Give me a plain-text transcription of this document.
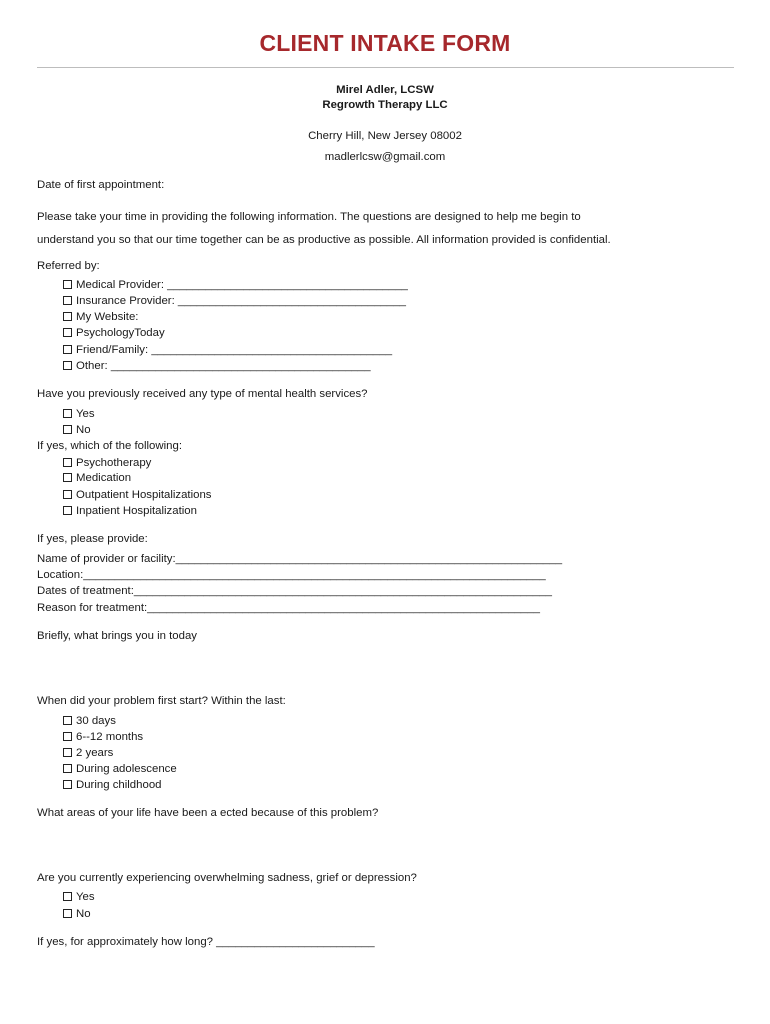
CLIENT INTAKE FORM
Mirel Adler, LCSW
Regrowth Therapy LLC
Cherry Hill, New Jersey 08002
madlerlcsw@gmail.com
Date of first appointment:
Please take your time in providing the following information. The questions are designed to help me begin to
understand you so that our time together can be as productive as possible. All information provided is confidential.
Referred by:
Medical Provider: ______________________________________
Insurance Provider: ____________________________________
My Website:
PsychologyToday
Friend/Family: ______________________________________
Other: _________________________________________
Have you previously received any type of mental health services?
Yes
No
If yes, which of the following:
Psychotherapy
Medication
Outpatient Hospitalizations
Inpatient Hospitalization
If yes, please provide:
Name of provider or facility:_____________________________________________________________
Location:_________________________________________________________________________
Dates of treatment:__________________________________________________________________
Reason for treatment:______________________________________________________________
Briefly, what brings you in today
When did your problem first start? Within the last:
30 days
6--12 months
2 years
During adolescence
During childhood
What areas of your life have been a ected because of this problem?
Are you currently experiencing overwhelming sadness, grief or depression?
Yes
No
If yes, for approximately how long? _________________________
